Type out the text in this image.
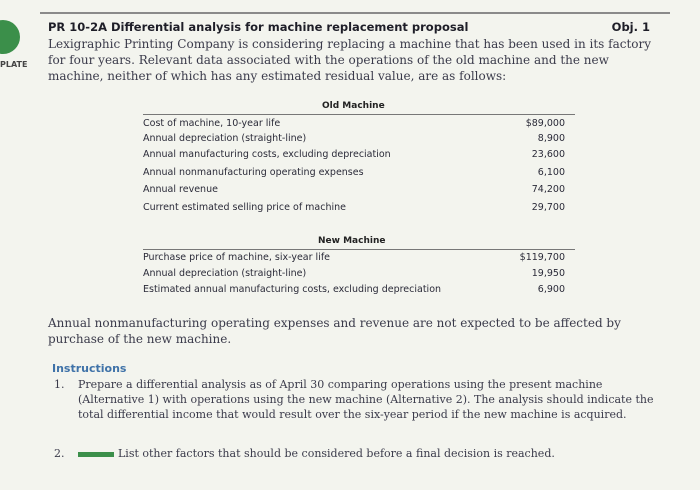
PLATE
PR 10-2A Differential analysis for machine replacement proposal	Obj. 1
Lexigraphic Printing Company is considering replacing a machine that has been used in its factory for four years. Relevant data associated with the operations of the old machine and the new machine, neither of which has any estimated residual value, are as follows:
Old Machine
Cost of machine, 10-year life	$89,000
Annual depreciation (straight-line)	8,900
Annual manufacturing costs, excluding depreciation	23,600
Annual nonmanufacturing operating expenses	6,100
Annual revenue	74,200
Current estimated selling price of machine	29,700
New Machine
Purchase price of machine, six-year life	$119,700
Annual depreciation (straight-line)	19,950
Estimated annual manufacturing costs, excluding depreciation	6,900
Annual nonmanufacturing operating expenses and revenue are not expected to be affected by purchase of the new machine.
Instructions
1. Prepare a differential analysis as of April 30 comparing operations using the present machine (Alternative 1) with operations using the new machine (Alternative 2). The analysis should indicate the total differential income that would result over the six-year period if the new machine is acquired.
2.	List other factors that should be considered before a final decision is reached.
